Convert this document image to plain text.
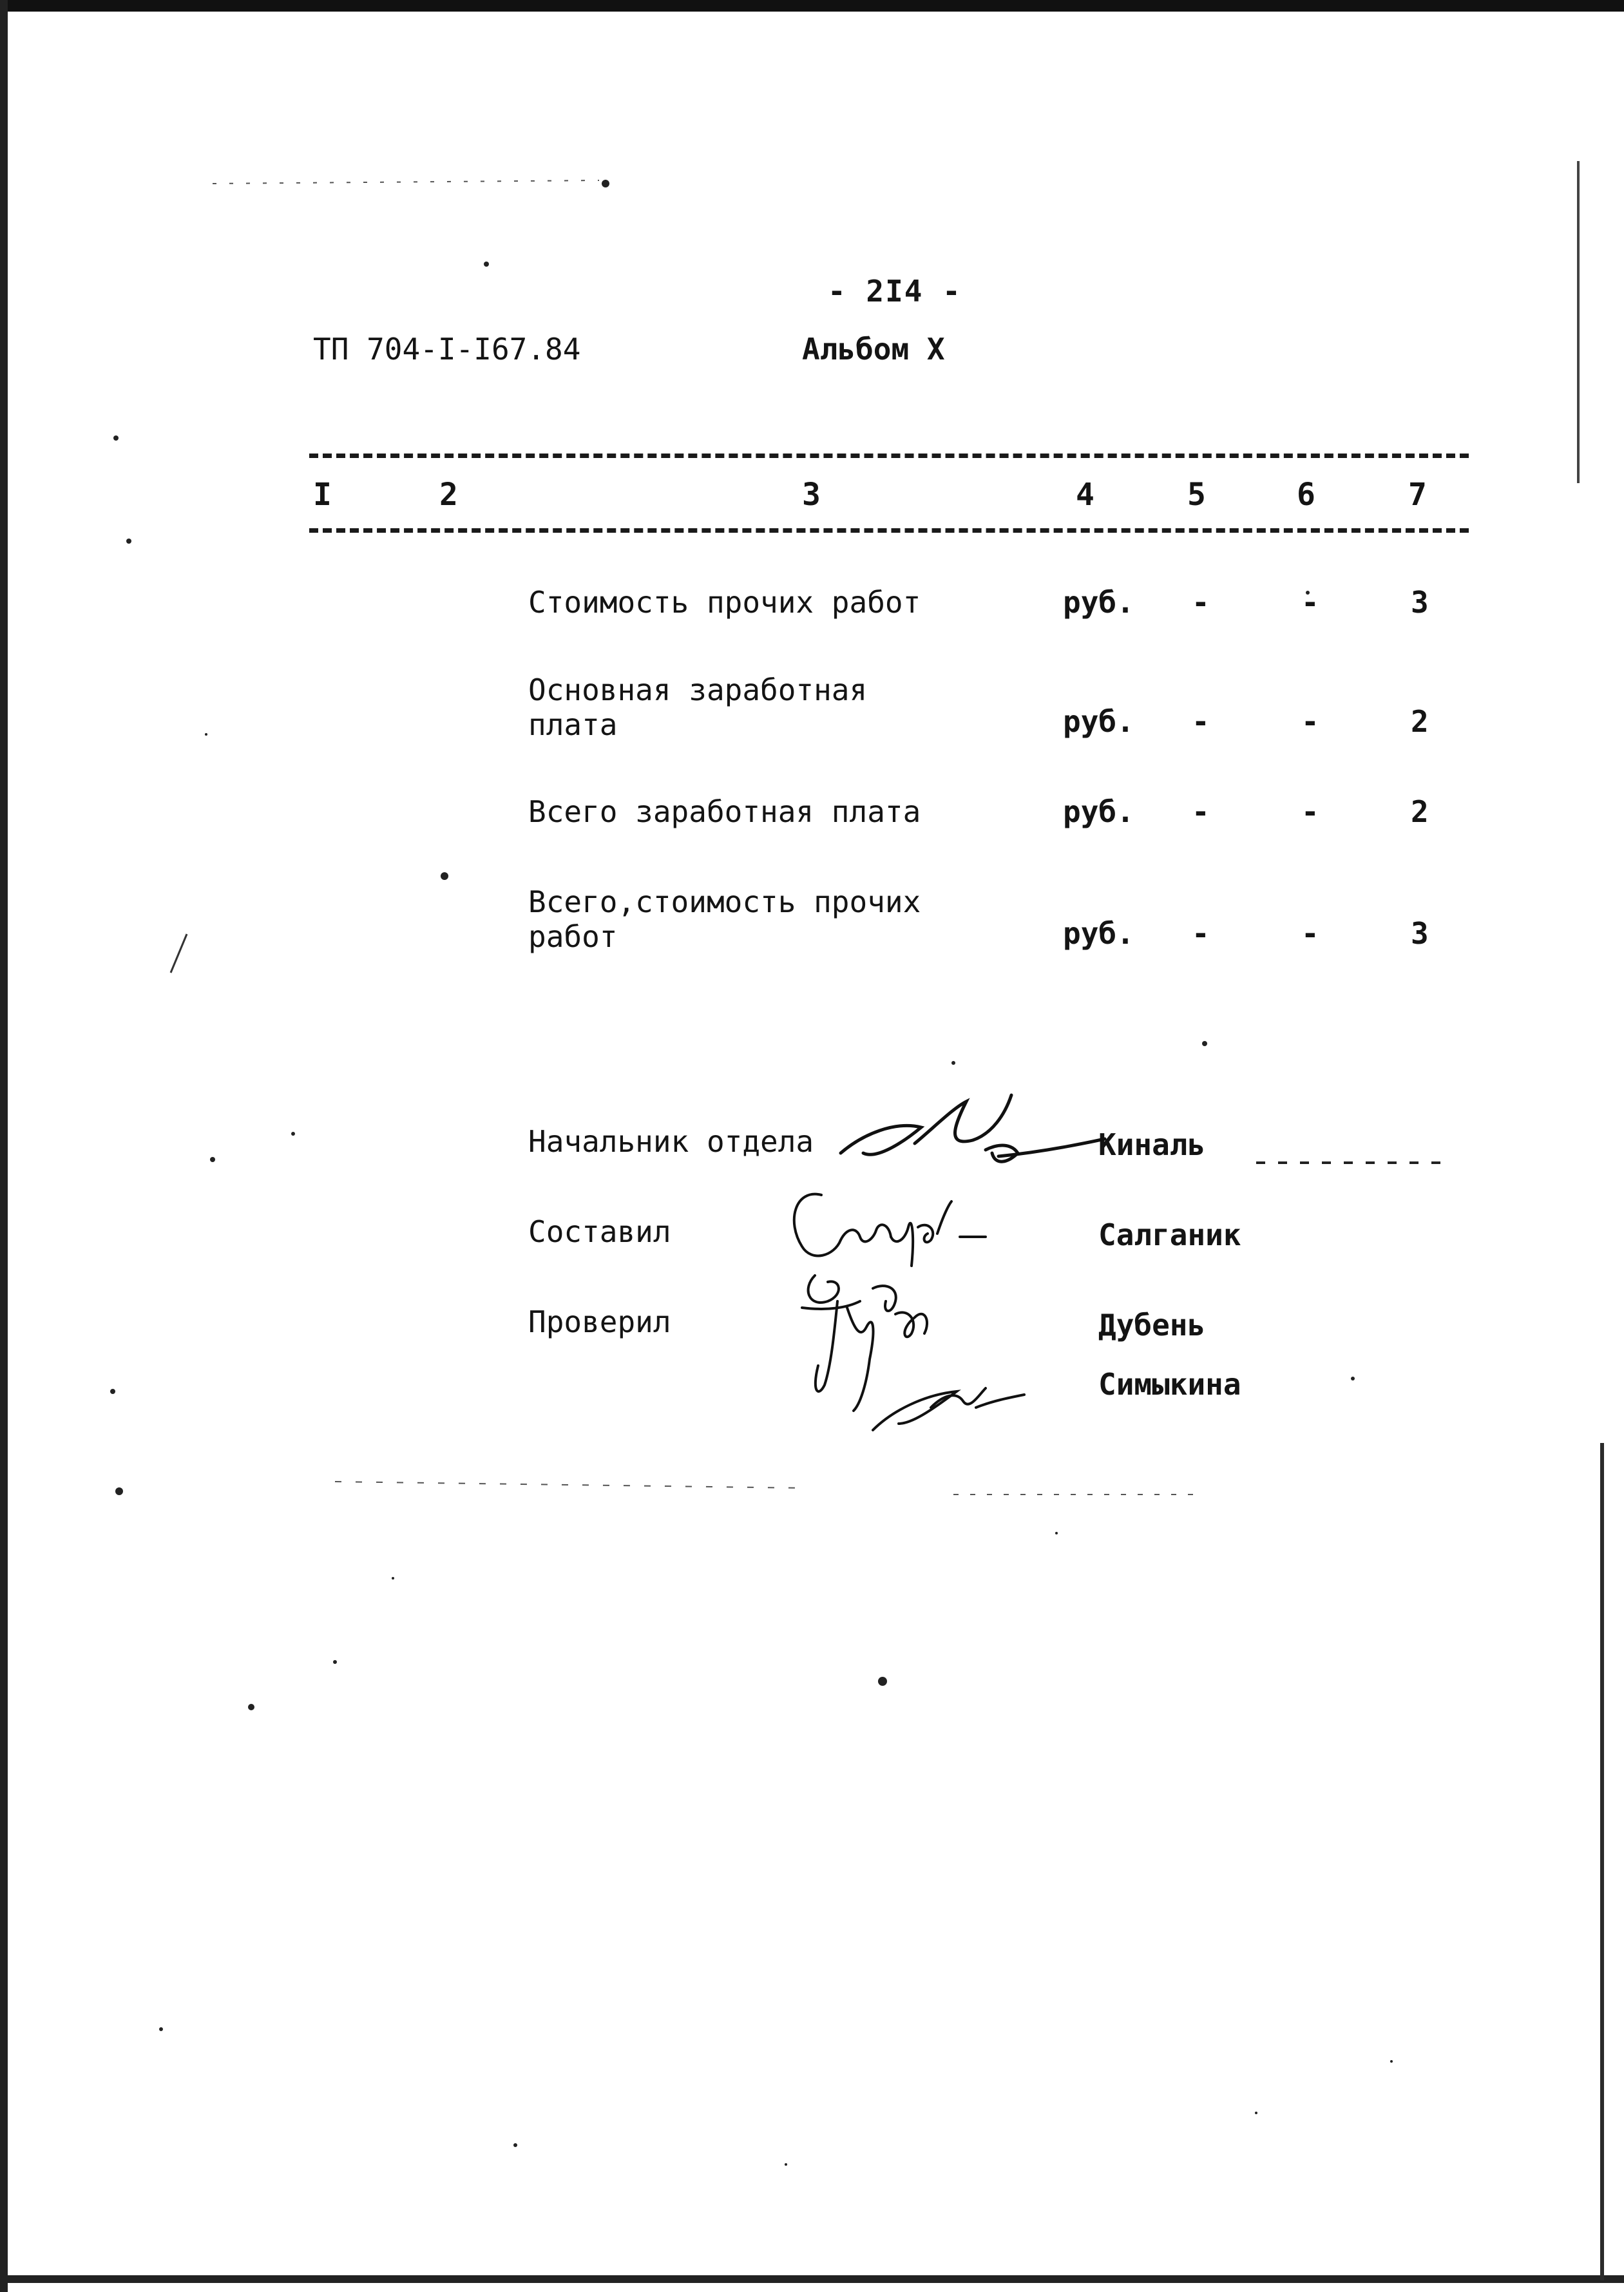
- 2I4 -
ТП 704-I-I67.84	Альбом X
I	2	3	4	5	6	7
Стоимость прочих работ	руб. -	-	3
Основная заработная
плата	руб. -	-	2
Всего заработная плата	руб. -	-	2
Всего,стоимость прочих
работ	руб. -	-	3
Начальник отдела	Киналь
Составил	Салганик
Проверил	Дубень
Симыкина
